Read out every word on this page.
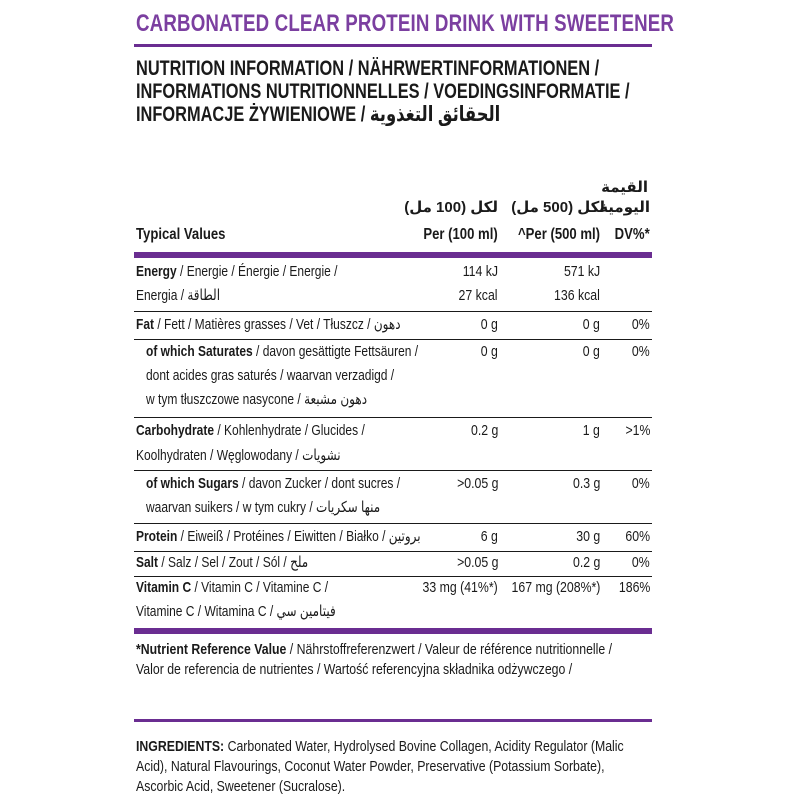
CARBONATED CLEAR PROTEIN DRINK WITH SWEETENER
NUTRITION INFORMATION / NÄHRWERTINFORMATIONEN /
INFORMATIONS NUTRITIONNELLES / VOEDINGSINFORMATIE /
INFORMACJE ŻYWIENIOWE / الحقائق التغذوية
لكل (100 مل) لكل (500 مل)
القيمة
اليومية
Typical Values	Per (100 ml)	^Per (500 ml) DV%*
Energy / Energie / Énergie / Energie /
Energia / الطاقة
114 kJ	571 kJ
27 kcal	136 kcal
Fat / Fett / Matières grasses / Vet / Tłuszcz / دهون	0 g	0 g 0%
of which Saturates / davon gesättigte Fettsäuren /
dont acides gras saturés / waarvan verzadigd /
w tym tłuszczowe nasycone / دهون مشبعة
0 g	0 g 0%
Carbohydrate / Kohlenhydrate / Glucides /
Koolhydraten / Węglowodany / نشويات
0.2 g	1 g	>1%
of which Sugars / davon Zucker / dont sucres /
waarvan suikers / w tym cukry / منها سكريات
>0.05 g	0.3 g 0%
Protein / Eiweiß / Protéines / Eiwitten / Białko / بروتين	6 g	30 g	60%
Salt / Salz / Sel / Zout / Sól / ملح	>0.05 g	0.2 g 0%
Vitamin C / Vitamin C / Vitamine C /
Vitamine C / Witamina C / فيتامين سي
33 mg (41%*) 167 mg (208%*)	186%
*Nutrient Reference Value / Nährstoffreferenzwert / Valeur de référence nutritionnelle /
Valor de referencia de nutrientes / Wartość referencyjna składnika odżywczego /
INGREDIENTS: Carbonated Water, Hydrolysed Bovine Collagen, Acidity Regulator (Malic
Acid), Natural Flavourings, Coconut Water Powder, Preservative (Potassium Sorbate),
Ascorbic Acid, Sweetener (Sucralose).
